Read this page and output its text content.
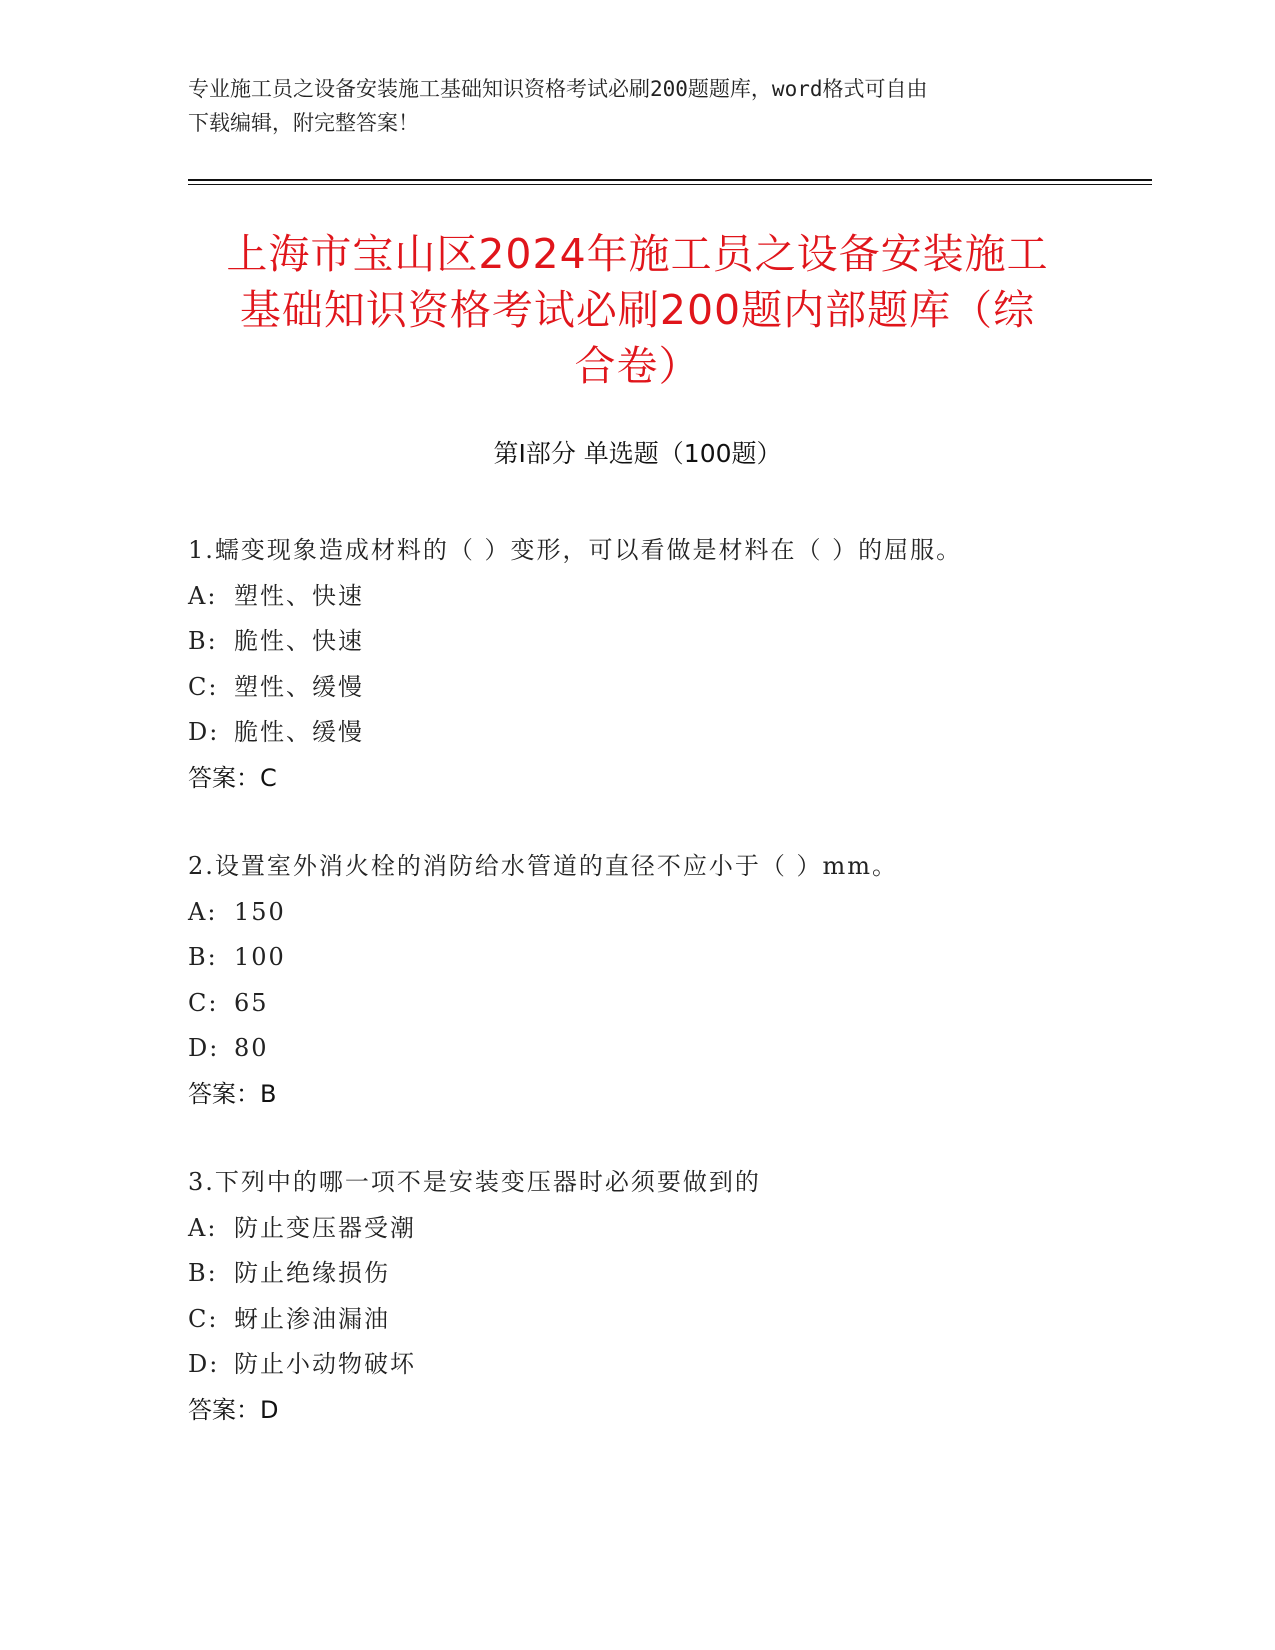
专业施工员之设备安装施工基础知识资格考试必刷200题题库，word格式可自由
下载编辑，附完整答案！
上海市宝山区2024年施工员之设备安装施工
基础知识资格考试必刷200题内部题库（综
合卷）
第Ⅰ部分 单选题（100题）
1.蠕变现象造成材料的（ ）变形，可以看做是材料在（ ）的屈服。
A: 塑性、快速
B: 脆性、快速
C: 塑性、缓慢
D: 脆性、缓慢
答案：C
2.设置室外消火栓的消防给水管道的直径不应小于（ ）mm。
A: 150
B: 100
C: 65
D: 80
答案：B
3.下列中的哪一项不是安装变压器时必须要做到的
A: 防止变压器受潮
B: 防止绝缘损伤
C: 蚜止渗油漏油
D: 防止小动物破坏
答案：D
